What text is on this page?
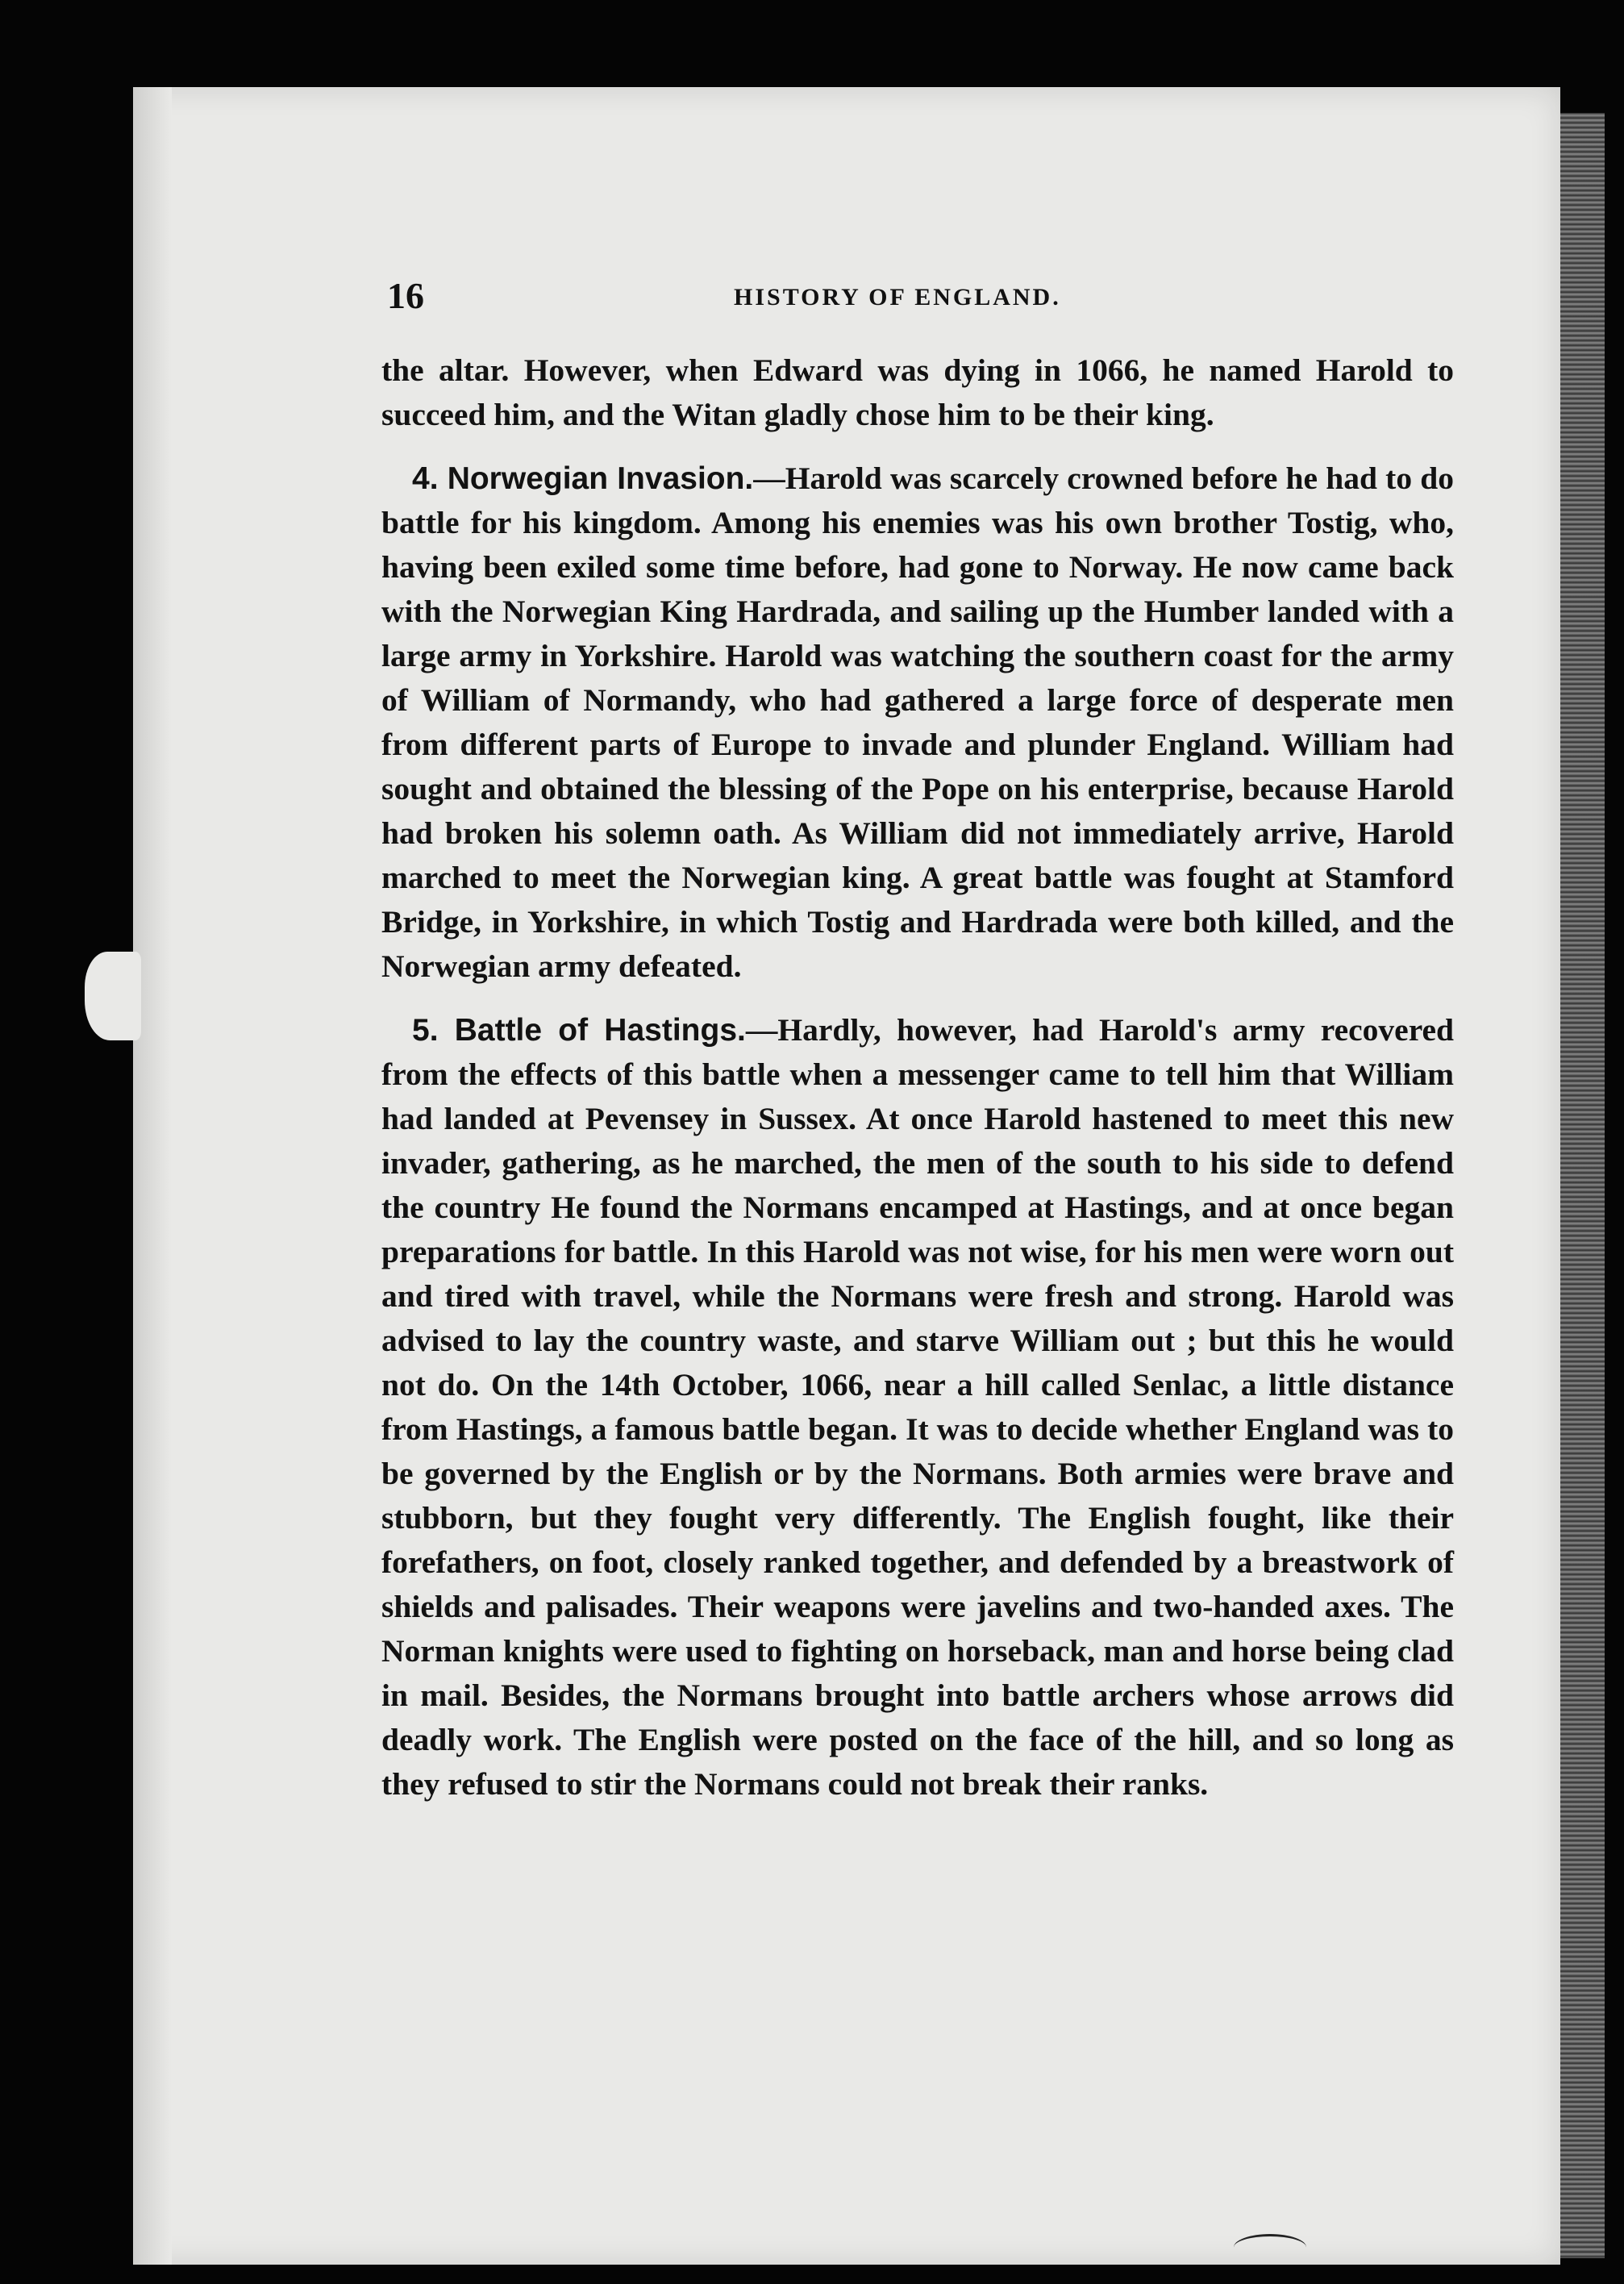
16	HISTORY OF ENGLAND.

the altar. However, when Edward was dying in 1066, he named Harold to succeed him, and the Witan gladly chose him to be their king.

4. Norwegian Invasion.—Harold was scarcely crowned before he had to do battle for his kingdom. Among his enemies was his own brother Tostig, who, having been exiled some time before, had gone to Norway. He now came back with the Norwegian King Hardrada, and sailing up the Humber landed with a large army in Yorkshire. Harold was watching the southern coast for the army of William of Normandy, who had gathered a large force of desperate men from different parts of Europe to invade and plunder England. William had sought and obtained the blessing of the Pope on his enterprise, because Harold had broken his solemn oath. As William did not immediately arrive, Harold marched to meet the Norwegian king. A great battle was fought at Stamford Bridge, in Yorkshire, in which Tostig and Hardrada were both killed, and the Norwegian army defeated.

5. Battle of Hastings.—Hardly, however, had Harold's army recovered from the effects of this battle when a messenger came to tell him that William had landed at Pevensey in Sussex. At once Harold hastened to meet this new invader, gathering, as he marched, the men of the south to his side to defend the country He found the Normans encamped at Hastings, and at once began preparations for battle. In this Harold was not wise, for his men were worn out and tired with travel, while the Normans were fresh and strong. Harold was advised to lay the country waste, and starve William out ; but this he would not do. On the 14th October, 1066, near a hill called Senlac, a little distance from Hastings, a famous battle began. It was to decide whether England was to be governed by the English or by the Normans. Both armies were brave and stubborn, but they fought very differently. The English fought, like their forefathers, on foot, closely ranked together, and defended by a breastwork of shields and palisades. Their weapons were javelins and two-handed axes. The Norman knights were used to fighting on horseback, man and horse being clad in mail. Besides, the Normans brought into battle archers whose arrows did deadly work. The English were posted on the face of the hill, and so long as they refused to stir the Normans could not break their ranks.
